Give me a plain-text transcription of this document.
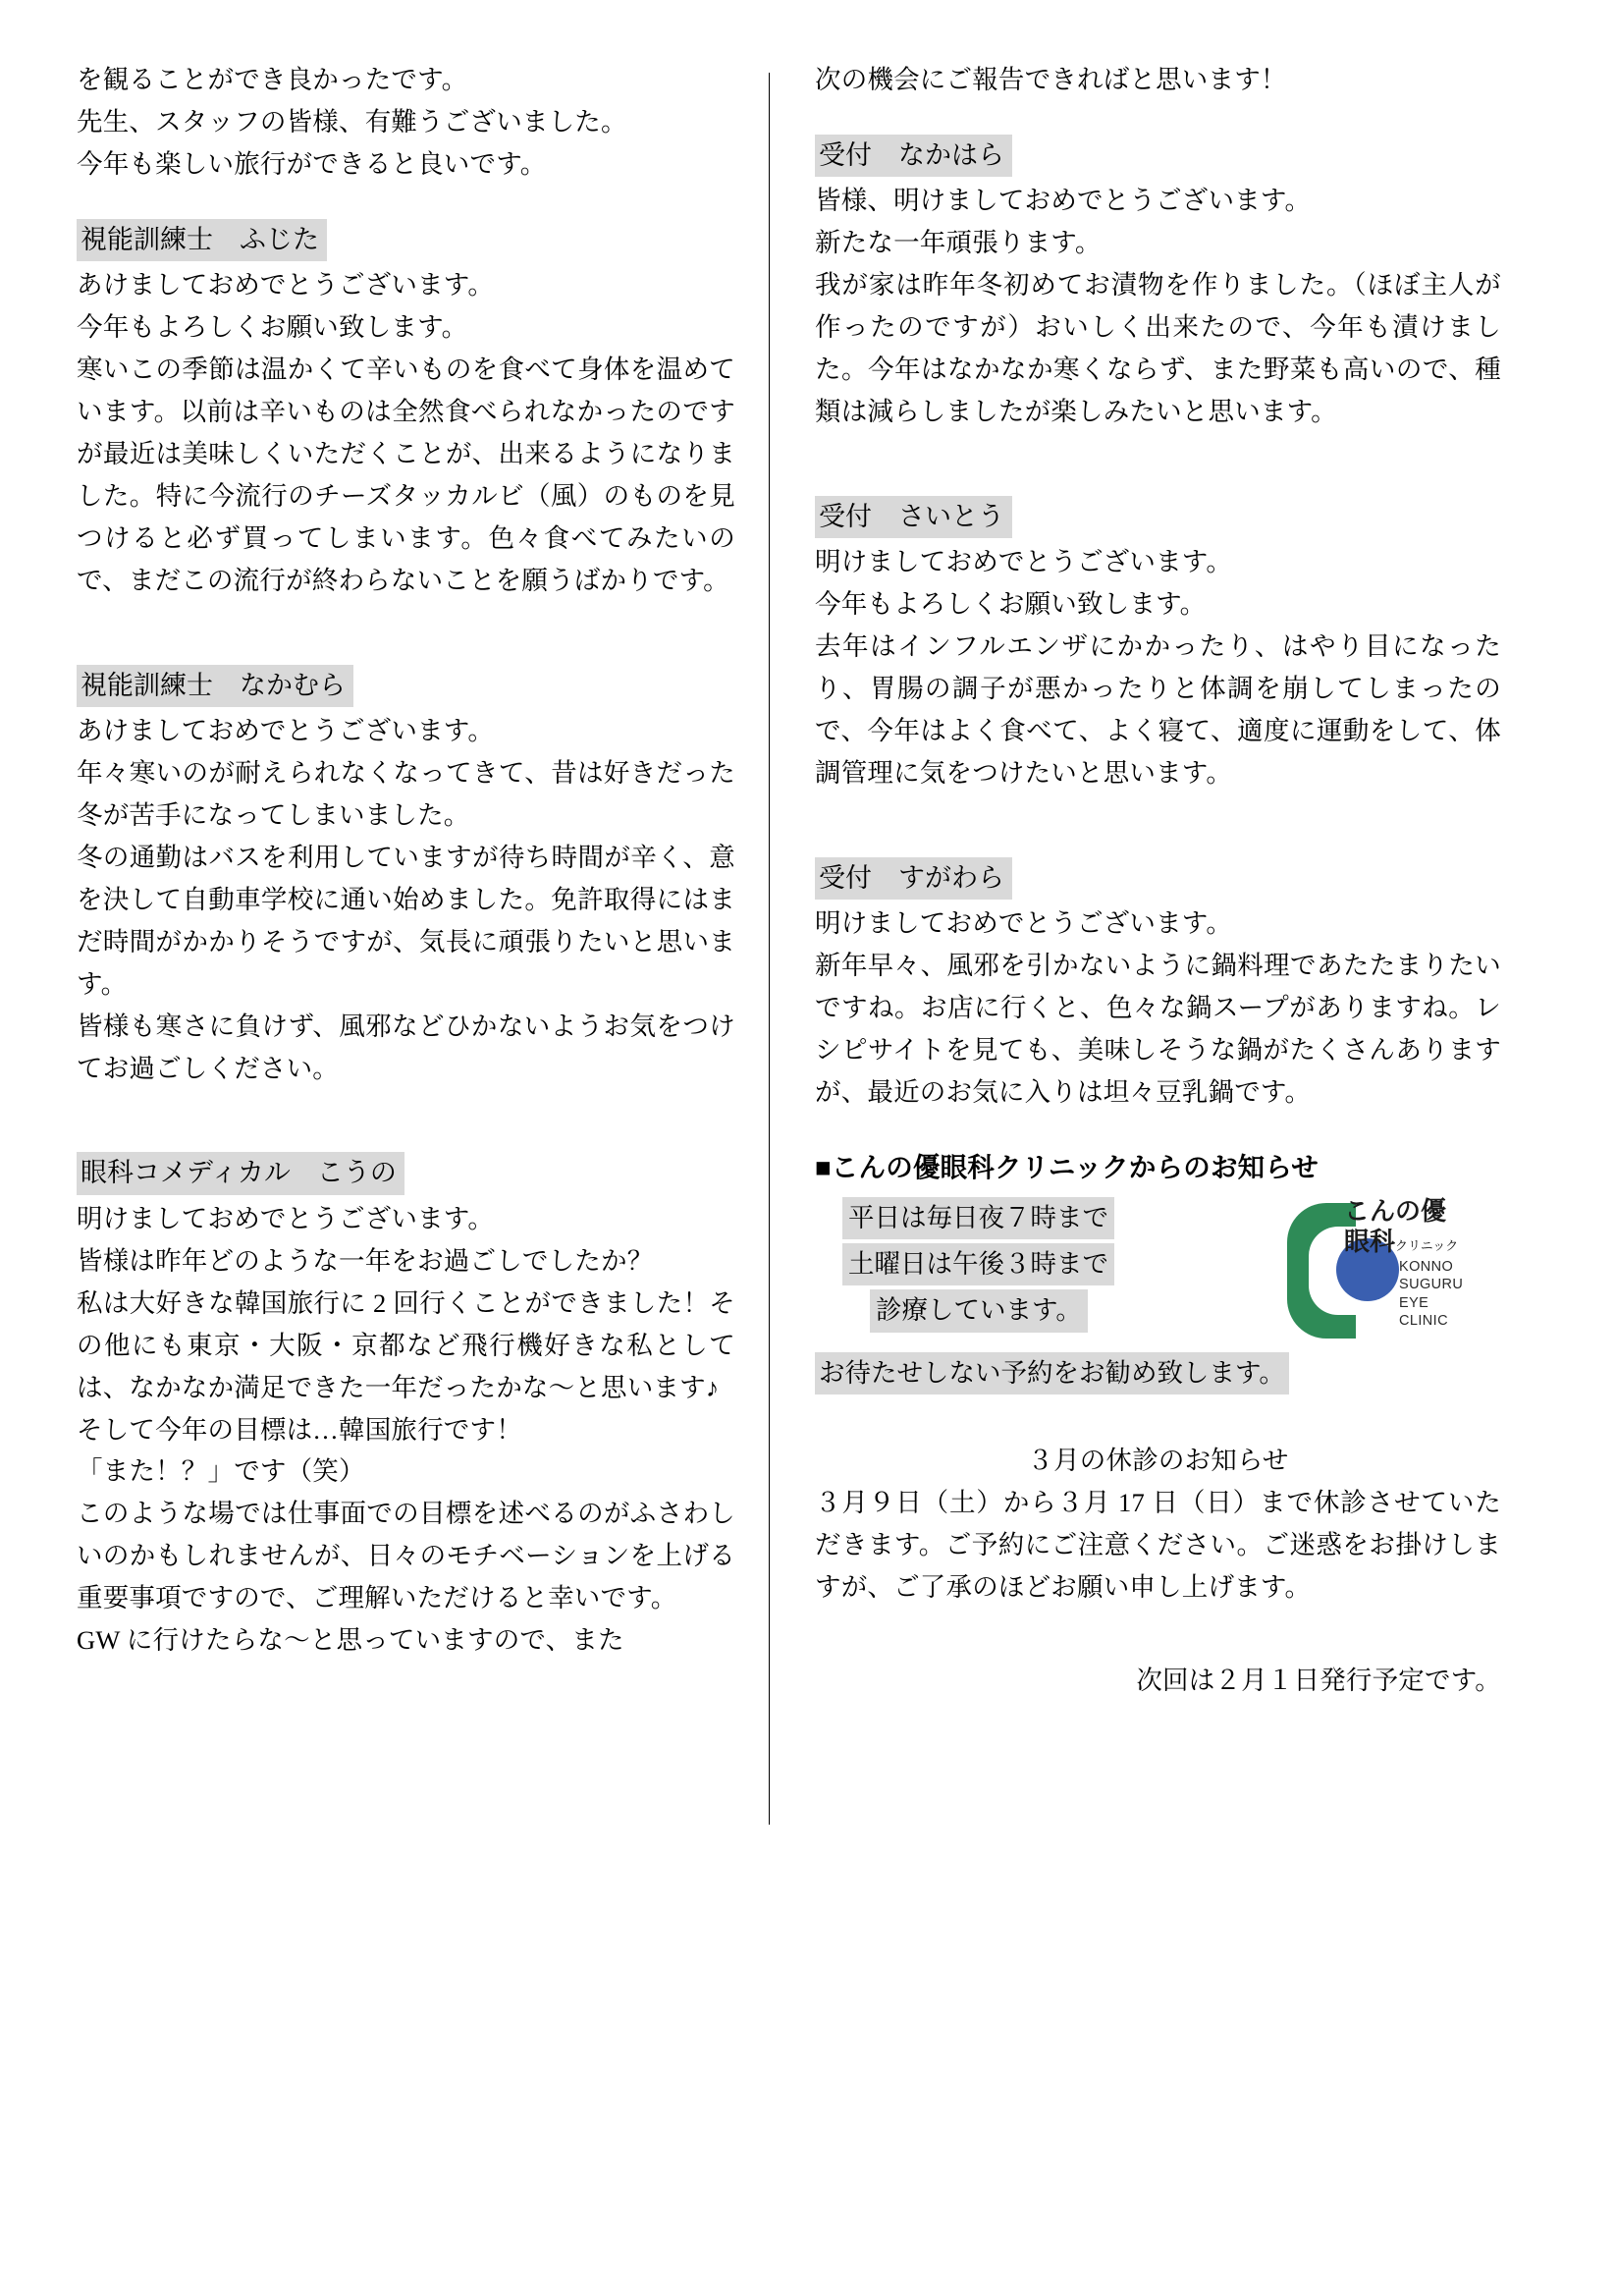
を観ることができ良かったです。

先生、スタッフの皆様、有難うございました。

今年も楽しい旅行ができると良いです。

視能訓練士　ふじた

あけましておめでとうございます。

今年もよろしくお願い致します。

寒いこの季節は温かくて辛いものを食べて身体を温めています。以前は辛いものは全然食べられなかったのですが最近は美味しくいただくことが、出来るようになりました。特に今流行のチーズタッカルビ（風）のものを見つけると必ず買ってしまいます。色々食べてみたいので、まだこの流行が終わらないことを願うばかりです。

視能訓練士　なかむら

あけましておめでとうございます。

年々寒いのが耐えられなくなってきて、昔は好きだった冬が苦手になってしまいました。

冬の通勤はバスを利用していますが待ち時間が辛く、意を決して自動車学校に通い始めました。免許取得にはまだ時間がかかりそうですが、気長に頑張りたいと思います。

皆様も寒さに負けず、風邪などひかないようお気をつけてお過ごしください。

眼科コメディカル　こうの

明けましておめでとうございます。

皆様は昨年どのような一年をお過ごしでしたか？

私は大好きな韓国旅行に 2 回行くことができました！その他にも東京・大阪・京都など飛行機好きな私としては、なかなか満足できた一年だったかな～と思います♪

そして今年の目標は…韓国旅行です！

「また！？」です（笑）

このような場では仕事面での目標を述べるのがふさわしいのかもしれませんが、日々のモチベーションを上げる重要事項ですので、ご理解いただけると幸いです。

GW に行けたらな～と思っていますので、また

次の機会にご報告できればと思います！

受付　なかはら

皆様、明けましておめでとうございます。

新たな一年頑張ります。

我が家は昨年冬初めてお漬物を作りました。（ほぼ主人が作ったのですが）おいしく出来たので、今年も漬けました。今年はなかなか寒くならず、また野菜も高いので、種類は減らしましたが楽しみたいと思います。

受付　さいとう

明けましておめでとうございます。

今年もよろしくお願い致します。

去年はインフルエンザにかかったり、はやり目になったり、胃腸の調子が悪かったりと体調を崩してしまったので、今年はよく食べて、よく寝て、適度に運動をして、体調管理に気をつけたいと思います。

受付　すがわら

明けましておめでとうございます。

新年早々、風邪を引かないように鍋料理であたたまりたいですね。お店に行くと、色々な鍋スープがありますね。レシピサイトを見ても、美味しそうな鍋がたくさんありますが、最近のお気に入りは坦々豆乳鍋です。

■こんの優眼科クリニックからのお知らせ

平日は毎日夜７時まで
土曜日は午後３時まで
診療しています。
こんの優
眼科クリニック
KONNO
SUGURU
EYE
CLINIC
お待たせしない予約をお勧め致します。

３月の休診のお知らせ

３月９日（土）から３月 17 日（日）まで休診させていただきます。ご予約にご注意ください。ご迷惑をお掛けしますが、ご了承のほどお願い申し上げます。

次回は２月１日発行予定です。
